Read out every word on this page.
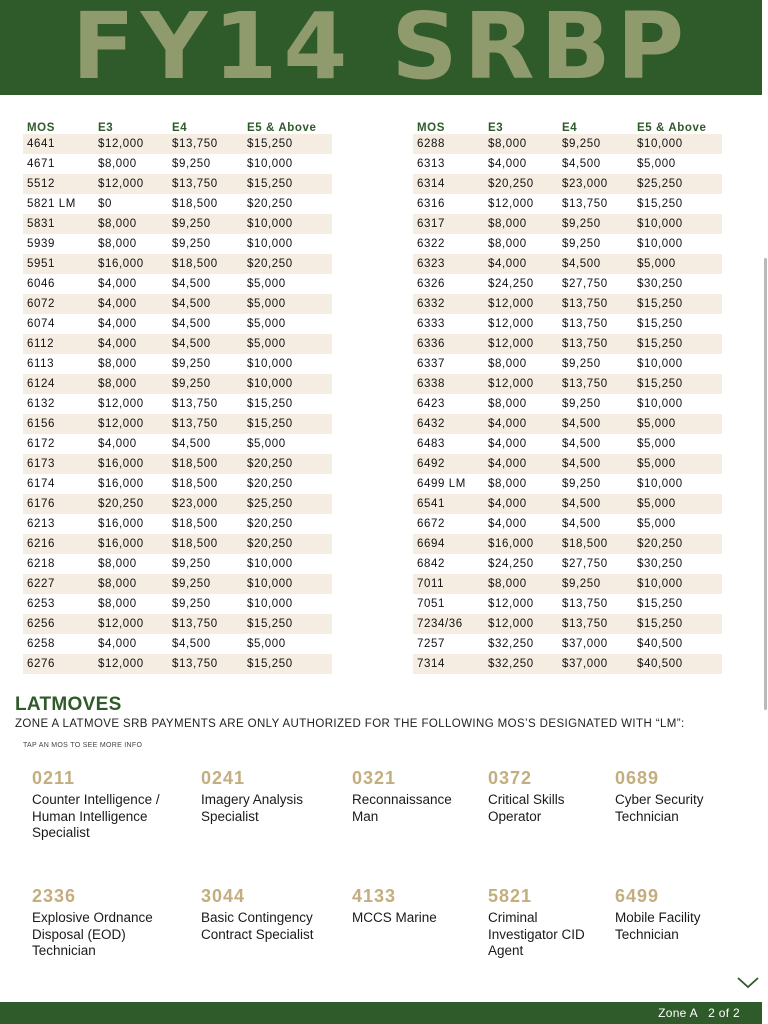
FY14 SRBP
MOS	E3	E4	E5 & Above
4641	$12,000	$13,750	$15,250
4671	$8,000	$9,250	$10,000
5512	$12,000	$13,750	$15,250
5821 LM	$0	$18,500	$20,250
5831	$8,000	$9,250	$10,000
5939	$8,000	$9,250	$10,000
5951	$16,000	$18,500	$20,250
6046	$4,000	$4,500	$5,000
6072	$4,000	$4,500	$5,000
6074	$4,000	$4,500	$5,000
6112	$4,000	$4,500	$5,000
6113	$8,000	$9,250	$10,000
6124	$8,000	$9,250	$10,000
6132	$12,000	$13,750	$15,250
6156	$12,000	$13,750	$15,250
6172	$4,000	$4,500	$5,000
6173	$16,000	$18,500	$20,250
6174	$16,000	$18,500	$20,250
6176	$20,250	$23,000	$25,250
6213	$16,000	$18,500	$20,250
6216	$16,000	$18,500	$20,250
6218	$8,000	$9,250	$10,000
6227	$8,000	$9,250	$10,000
6253	$8,000	$9,250	$10,000
6256	$12,000	$13,750	$15,250
6258	$4,000	$4,500	$5,000
6276	$12,000	$13,750	$15,250
MOS	E3	E4	E5 & Above
6288	$8,000	$9,250	$10,000
6313	$4,000	$4,500	$5,000
6314	$20,250	$23,000	$25,250
6316	$12,000	$13,750	$15,250
6317	$8,000	$9,250	$10,000
6322	$8,000	$9,250	$10,000
6323	$4,000	$4,500	$5,000
6326	$24,250	$27,750	$30,250
6332	$12,000	$13,750	$15,250
6333	$12,000	$13,750	$15,250
6336	$12,000	$13,750	$15,250
6337	$8,000	$9,250	$10,000
6338	$12,000	$13,750	$15,250
6423	$8,000	$9,250	$10,000
6432	$4,000	$4,500	$5,000
6483	$4,000	$4,500	$5,000
6492	$4,000	$4,500	$5,000
6499 LM	$8,000	$9,250	$10,000
6541	$4,000	$4,500	$5,000
6672	$4,000	$4,500	$5,000
6694	$16,000	$18,500	$20,250
6842	$24,250	$27,750	$30,250
7011	$8,000	$9,250	$10,000
7051	$12,000	$13,750	$15,250
7234/36	$12,000	$13,750	$15,250
7257	$32,250	$37,000	$40,500
7314	$32,250	$37,000	$40,500
LATMOVES
ZONE A LATMOVE SRB PAYMENTS ARE ONLY AUTHORIZED FOR THE FOLLOWING MOS’S DESIGNATED WITH “LM”:
TAP AN MOS TO SEE MORE INFO
0211
Counter Intelligence / Human Intelligence Specialist
0241
Imagery Analysis Specialist
0321
Reconnaissance Man
0372
Critical Skills Operator
0689
Cyber Security Technician
2336
Explosive Ordnance Disposal (EOD) Technician
3044
Basic Contingency Contract Specialist
4133
MCCS Marine
5821
Criminal Investigator CID Agent
6499
Mobile Facility Technician
Zone A   2 of 2
